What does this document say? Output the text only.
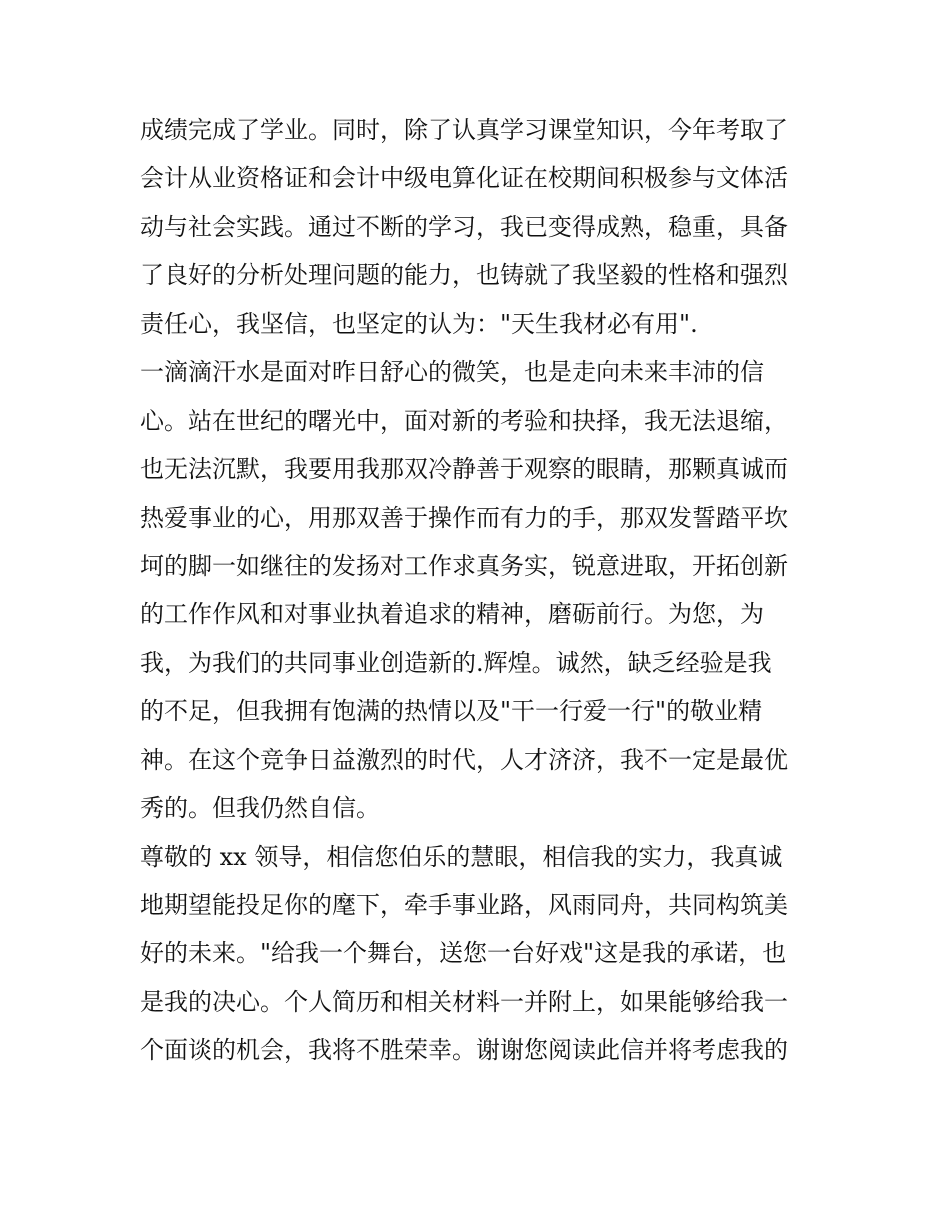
成绩完成了学业。同时，除了认真学习课堂知识，今年考取了
会计从业资格证和会计中级电算化证在校期间积极参与文体活
动与社会实践。通过不断的学习，我已变得成熟，稳重，具备
了良好的分析处理问题的能力，也铸就了我坚毅的性格和强烈
责任心，我坚信，也坚定的认为："天生我材必有用".
一滴滴汗水是面对昨日舒心的微笑，也是走向未来丰沛的信
心。站在世纪的曙光中，面对新的考验和抉择，我无法退缩，
也无法沉默，我要用我那双冷静善于观察的眼睛，那颗真诚而
热爱事业的心，用那双善于操作而有力的手，那双发誓踏平坎
坷的脚一如继往的发扬对工作求真务实，锐意进取，开拓创新
的工作作风和对事业执着追求的精神，磨砺前行。为您，为
我，为我们的共同事业创造新的.辉煌。诚然，缺乏经验是我
的不足，但我拥有饱满的热情以及"干一行爱一行"的敬业精
神。在这个竞争日益激烈的时代，人才济济，我不一定是最优
秀的。但我仍然自信。
尊敬的 xx 领导，相信您伯乐的慧眼，相信我的实力，我真诚
地期望能投足你的麾下，牵手事业路，风雨同舟，共同构筑美
好的未来。"给我一个舞台，送您一台好戏"这是我的承诺，也
是我的决心。个人简历和相关材料一并附上，如果能够给我一
个面谈的机会，我将不胜荣幸。谢谢您阅读此信并将考虑我的
